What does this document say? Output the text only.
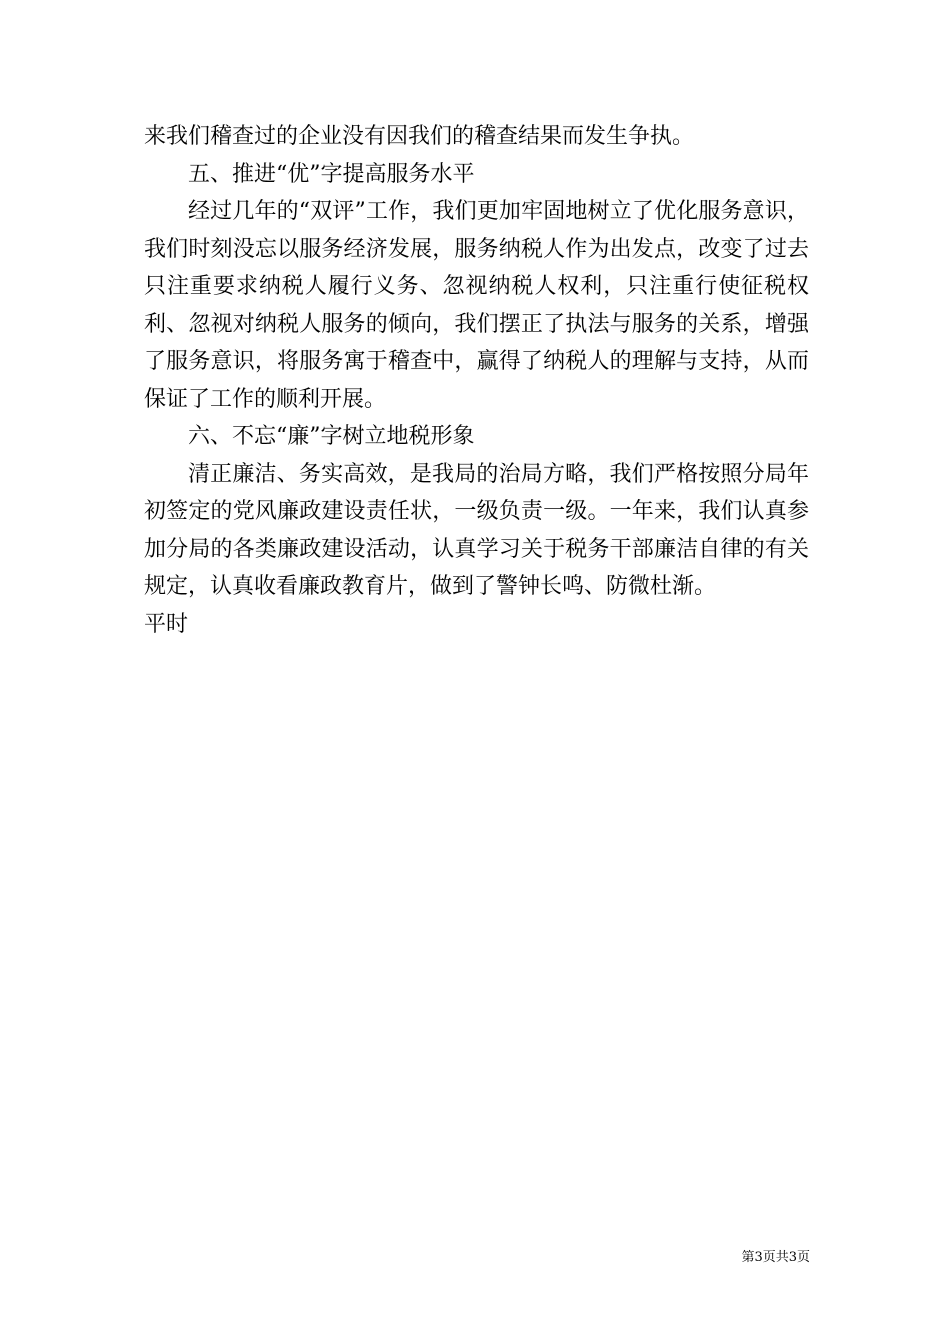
来我们稽查过的企业没有因我们的稽查结果而发生争执。

五、推进“优”字提高服务水平

经过几年的“双评”工作，我们更加牢固地树立了优化服务意识，我们时刻没忘以服务经济发展，服务纳税人作为出发点，改变了过去只注重要求纳税人履行义务、忽视纳税人权利，只注重行使征税权利、忽视对纳税人服务的倾向，我们摆正了执法与服务的关系，增强了服务意识，将服务寓于稽查中，赢得了纳税人的理解与支持，从而保证了工作的顺利开展。

六、不忘“廉”字树立地税形象

清正廉洁、务实高效，是我局的治局方略，我们严格按照分局年初签定的党风廉政建设责任状，一级负责一级。一年来，我们认真参加分局的各类廉政建设活动，认真学习关于税务干部廉洁自律的有关规定，认真收看廉政教育片，做到了警钟长鸣、防微杜渐。

平时

第3页共3页
